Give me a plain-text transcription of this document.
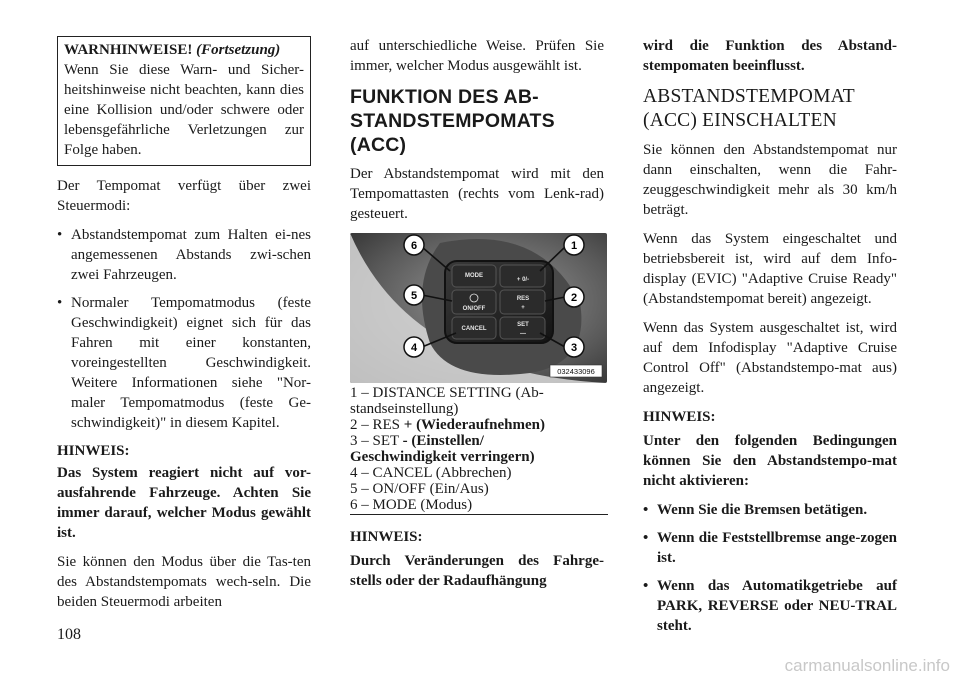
WARNHINWEISE! (Fortsetzung)
Wenn Sie diese Warn- und Sicher-heitshinweise nicht beachten, kann dies eine Kollision und/oder schwere oder lebensgefährliche Verletzungen zur Folge haben.

Der Tempomat verfügt über zwei Steuermodi:

• Abstandstempomat zum Halten ei-nes angemessenen Abstands zwi-schen zwei Fahrzeugen.
• Normaler Tempomatmodus (feste Geschwindigkeit) eignet sich für das Fahren mit einer konstanten, voreingestellten Geschwindigkeit. Weitere Informationen siehe "Nor-maler Tempomatmodus (feste Ge-schwindigkeit)" in diesem Kapitel.

HINWEIS:

Das System reagiert nicht auf vor-ausfahrende Fahrzeuge. Achten Sie immer darauf, welcher Modus gewählt ist.

Sie können den Modus über die Tas-ten des Abstandstempomats wech-seln. Die beiden Steuermodi arbeiten

auf unterschiedliche Weise. Prüfen Sie immer, welcher Modus ausgewählt ist.

FUNKTION DES AB-STANDSTEMPOMATS (ACC)

Der Abstandstempomat wird mit den Tempomattasten (rechts vom Lenk-rad) gesteuert.

MODE
+ 0/-
ON/OFF
RES
+
CANCEL
SET
—
6	1
5	2
4	3
032433096
1 – DISTANCE SETTING (Ab-
standseinstellung)
2 – RES + (Wiederaufnehmen)
3 – SET - (Einstellen/
Geschwindigkeit verringern)
4 – CANCEL (Abbrechen)
5 – ON/OFF (Ein/Aus)
6 – MODE (Modus)

HINWEIS:

Durch Veränderungen des Fahrge-stells oder der Radaufhängung

wird die Funktion des Abstand-stempomaten beeinflusst.

ABSTANDSTEMPOMAT (ACC) EINSCHALTEN

Sie können den Abstandstempomat nur dann einschalten, wenn die Fahr-zeuggeschwindigkeit mehr als 30 km/h beträgt.

Wenn das System eingeschaltet und betriebsbereit ist, wird auf dem Info-display (EVIC) "Adaptive Cruise Ready" (Abstandstempomat bereit) angezeigt.

Wenn das System ausgeschaltet ist, wird auf dem Infodisplay "Adaptive Cruise Control Off" (Abstandstempo-mat aus) angezeigt.

HINWEIS:

Unter den folgenden Bedingungen können Sie den Abstandstempo-mat nicht aktivieren:

• Wenn Sie die Bremsen betätigen.
• Wenn die Feststellbremse ange-zogen ist.
• Wenn das Automatikgetriebe auf PARK, REVERSE oder NEU-TRAL steht.
108
carmanualsonline.info
